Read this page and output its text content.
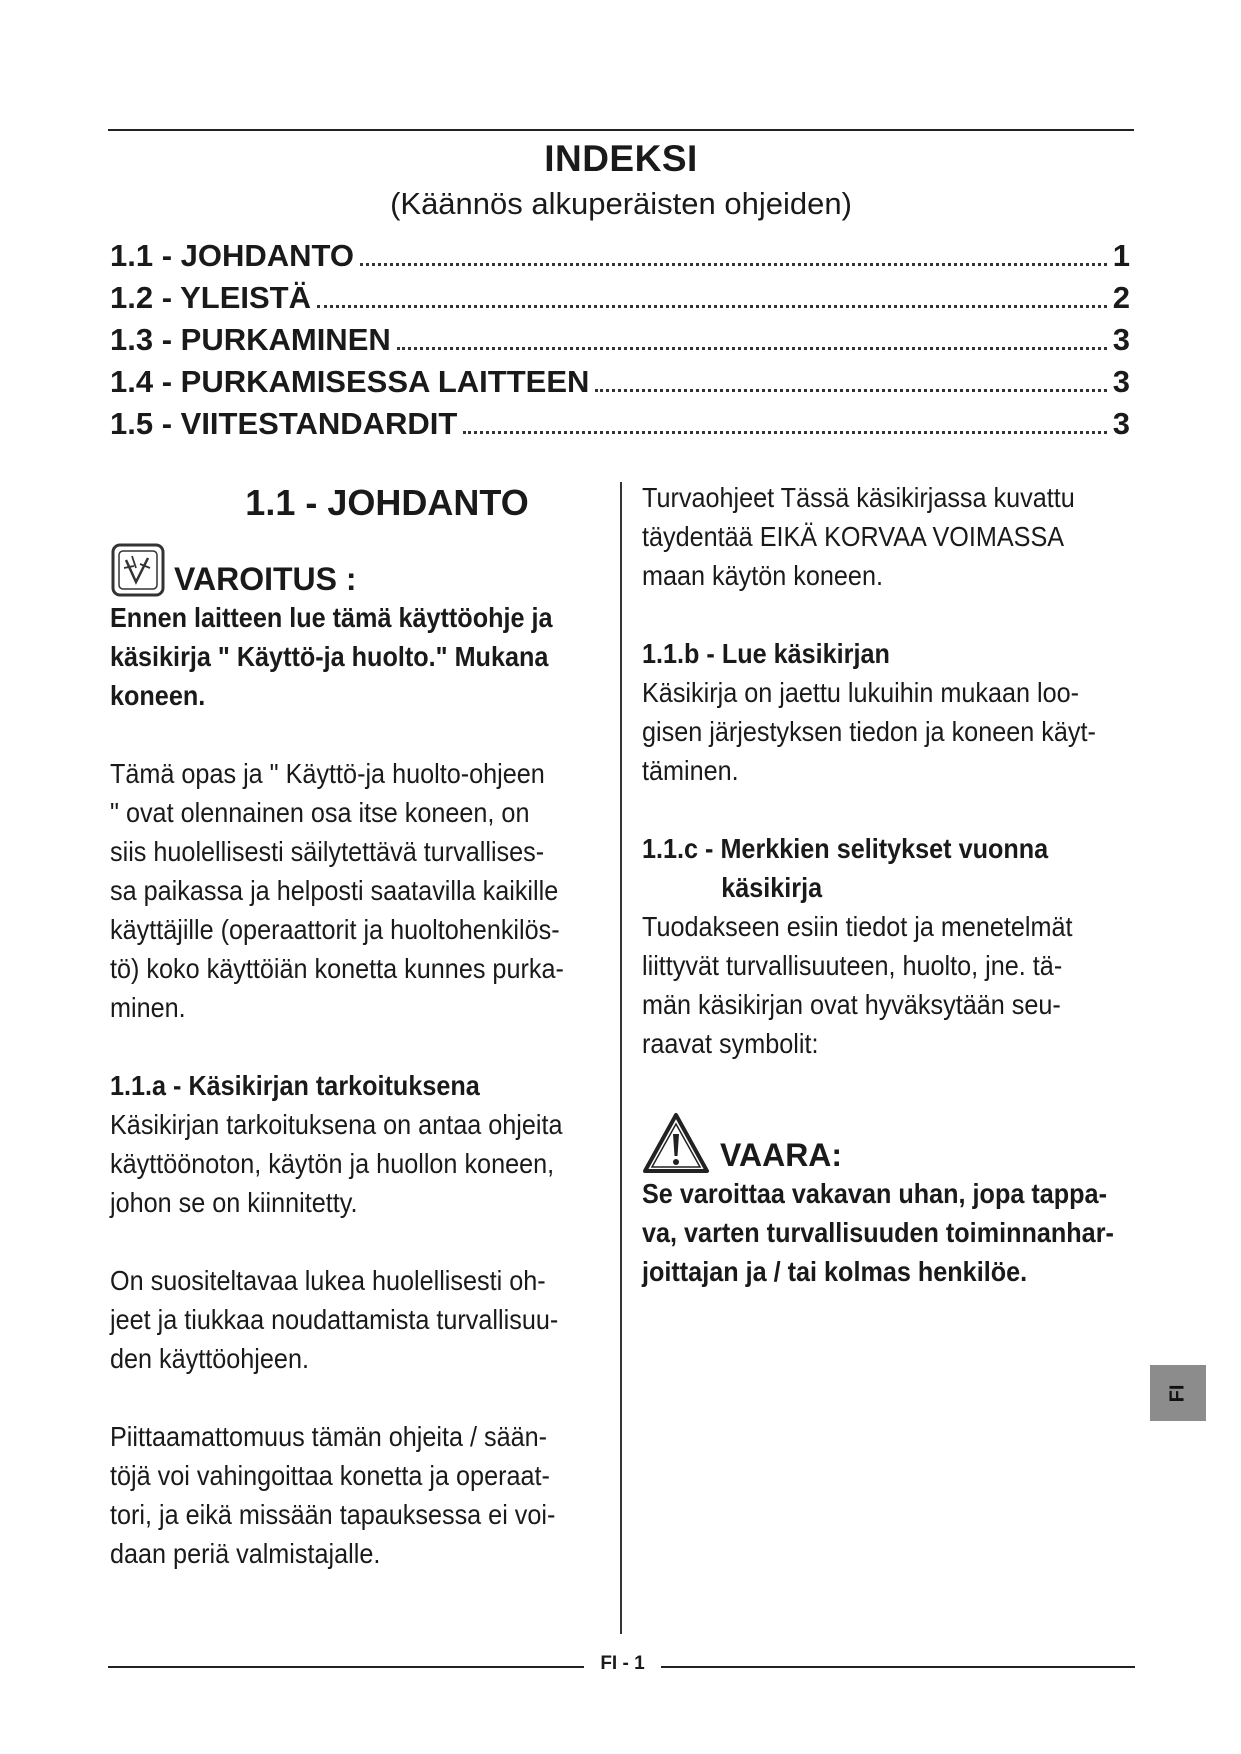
INDEKSI
(Käännös alkuperäisten ohjeiden)
1.1 - JOHDANTO	1
1.2 - YLEISTÄ	2
1.3 - PURKAMINEN	3
1.4 - PURKAMISESSA LAITTEEN	3
1.5 - VIITESTANDARDIT	3
1.1 - JOHDANTO
VAROITUS :

Ennen laitteen lue tämä käyttöohje ja

käsikirja " Käyttö-ja huolto." Mukana

koneen.

Tämä opas ja " Käyttö-ja huolto-ohjeen

" ovat olennainen osa itse koneen, on

siis huolellisesti säilytettävä turvallises-

sa paikassa ja helposti saatavilla kaikille

käyttäjille (operaattorit ja huoltohenkilös-

tö) koko käyttöiän konetta kunnes purka-

minen.

1.1.a - Käsikirjan tarkoituksena

Käsikirjan tarkoituksena on antaa ohjeita

käyttöönoton, käytön ja huollon koneen,

johon se on kiinnitetty.

On suositeltavaa lukea huolellisesti oh-

jeet ja tiukkaa noudattamista turvallisuu-

den käyttöohjeen.

Piittaamattomuus tämän ohjeita / sään-

töjä voi vahingoittaa konetta ja operaat-

tori, ja eikä missään tapauksessa ei voi-

daan periä valmistajalle.

Turvaohjeet Tässä käsikirjassa kuvattu

täydentää EIKÄ KORVAA VOIMASSA

maan käytön koneen.

1.1.b - Lue käsikirjan

Käsikirja on jaettu lukuihin mukaan loo-

gisen järjestyksen tiedon ja koneen käyt-

täminen.

1.1.c - Merkkien selitykset vuonna

käsikirja

Tuodakseen esiin tiedot ja menetelmät

liittyvät turvallisuuteen, huolto, jne. tä-

män käsikirjan ovat hyväksytään seu-

raavat symbolit:

VAARA:

Se varoittaa vakavan uhan, jopa tappa-

va, varten turvallisuuden toiminnanhar-

joittajan ja / tai kolmas henkilöe.

FI
FI - 1
